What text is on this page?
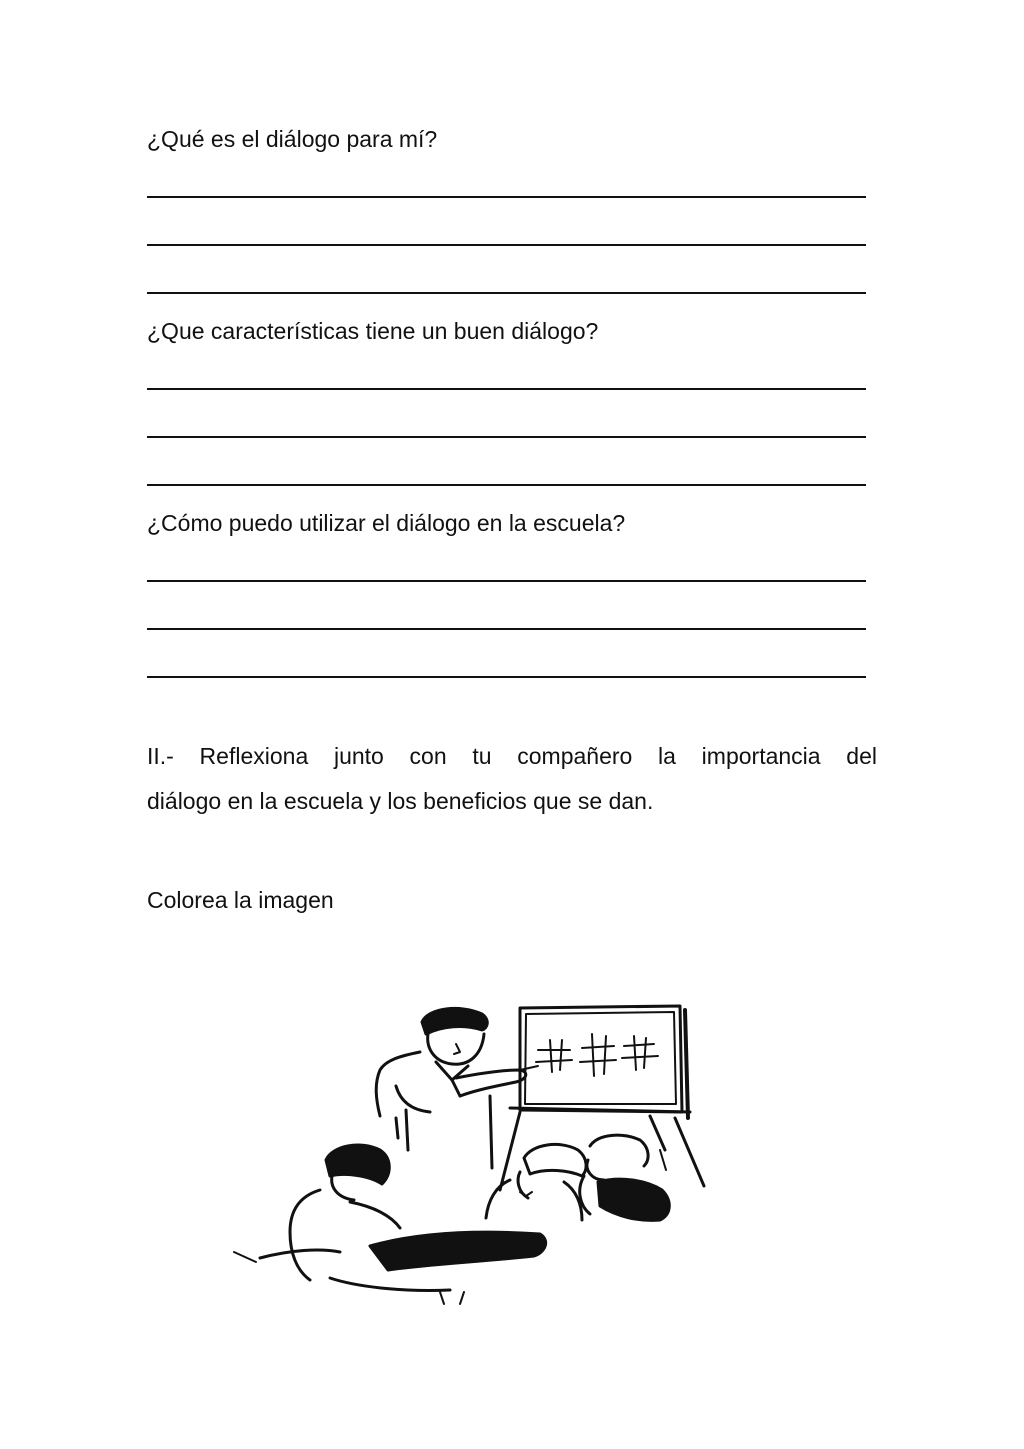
¿Qué es el diálogo para mí?
¿Que características tiene un buen diálogo?
¿Cómo puedo utilizar el diálogo en la escuela?
II.- Reflexiona junto con tu compañero la importancia del
diálogo en la escuela y los beneficios que se dan.
Colorea la imagen
